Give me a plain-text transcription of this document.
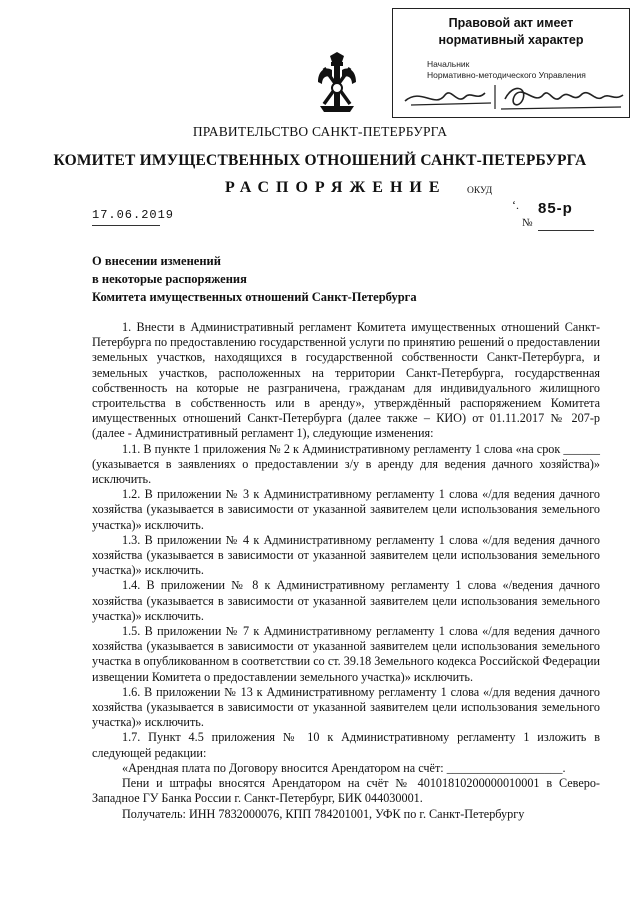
Правовой акт имеет
нормативный характер
Начальник
Нормативно-методического Управления
ПРАВИТЕЛЬСТВО САНКТ-ПЕТЕРБУРГА
КОМИТЕТ ИМУЩЕСТВЕННЫХ ОТНОШЕНИЙ САНКТ-ПЕТЕРБУРГА
РАСПОРЯЖЕНИЕ ОКУД
‘. 85-р
№
17.06.2019
О внесении изменений
в некоторые распоряжения
Комитета имущественных отношений Санкт-Петербурга

1. Внести в Административный регламент Комитета имущественных отношений Санкт-Петербурга по предоставлению государственной услуги по принятию решений о предоставлении земельных участков, находящихся в государственной собственности Санкт-Петербурга, и земельных участков, расположенных на территории Санкт-Петербурга, государственная собственность на которые не разграничена, гражданам для индивидуального жилищного строительства в собственность или в аренду», утверждённый распоряжением Комитета имущественных отношений Санкт-Петербурга (далее также – КИО) от 01.11.2017 № 207-р (далее - Административный регламент 1), следующие изменения:

1.1. В пункте 1 приложения № 2 к Административному регламенту 1 слова «на срок ______ (указывается в заявлениях о предоставлении з/у в аренду для ведения дачного хозяйства)» исключить.

1.2. В приложении № 3 к Административному регламенту 1 слова «/для ведения дачного хозяйства (указывается в зависимости от указанной заявителем цели использования земельного участка)» исключить.

1.3. В приложении № 4 к Административному регламенту 1 слова «/для ведения дачного хозяйства (указывается в зависимости от указанной заявителем цели использования земельного участка)» исключить.

1.4. В приложении № 8 к Административному регламенту 1 слова «/ведения дачного хозяйства (указывается в зависимости от указанной заявителем цели использования земельного участка)» исключить.

1.5. В приложении № 7 к Административному регламенту 1 слова «/для ведения дачного хозяйства (указывается в зависимости от указанной заявителем цели использования земельного участка в опубликованном в соответствии со ст. 39.18 Земельного кодекса Российской Федерации извещении Комитета о предоставлении земельного участка)» исключить.

1.6. В приложении № 13 к Административному регламенту 1 слова «/для ведения дачного хозяйства (указывается в зависимости от указанной заявителем цели использования земельного участка)» исключить.

1.7. Пункт 4.5 приложения № 10 к Административному регламенту 1 изложить в следующей редакции:

«Арендная плата по Договору вносится Арендатором на счёт: ___________________.

Пени и штрафы вносятся Арендатором на счёт № 40101810200000010001 в Северо-Западное ГУ Банка России г. Санкт-Петербург, БИК 044030001.

Получатель: ИНН 7832000076, КПП 784201001, УФК по г. Санкт-Петербургу
